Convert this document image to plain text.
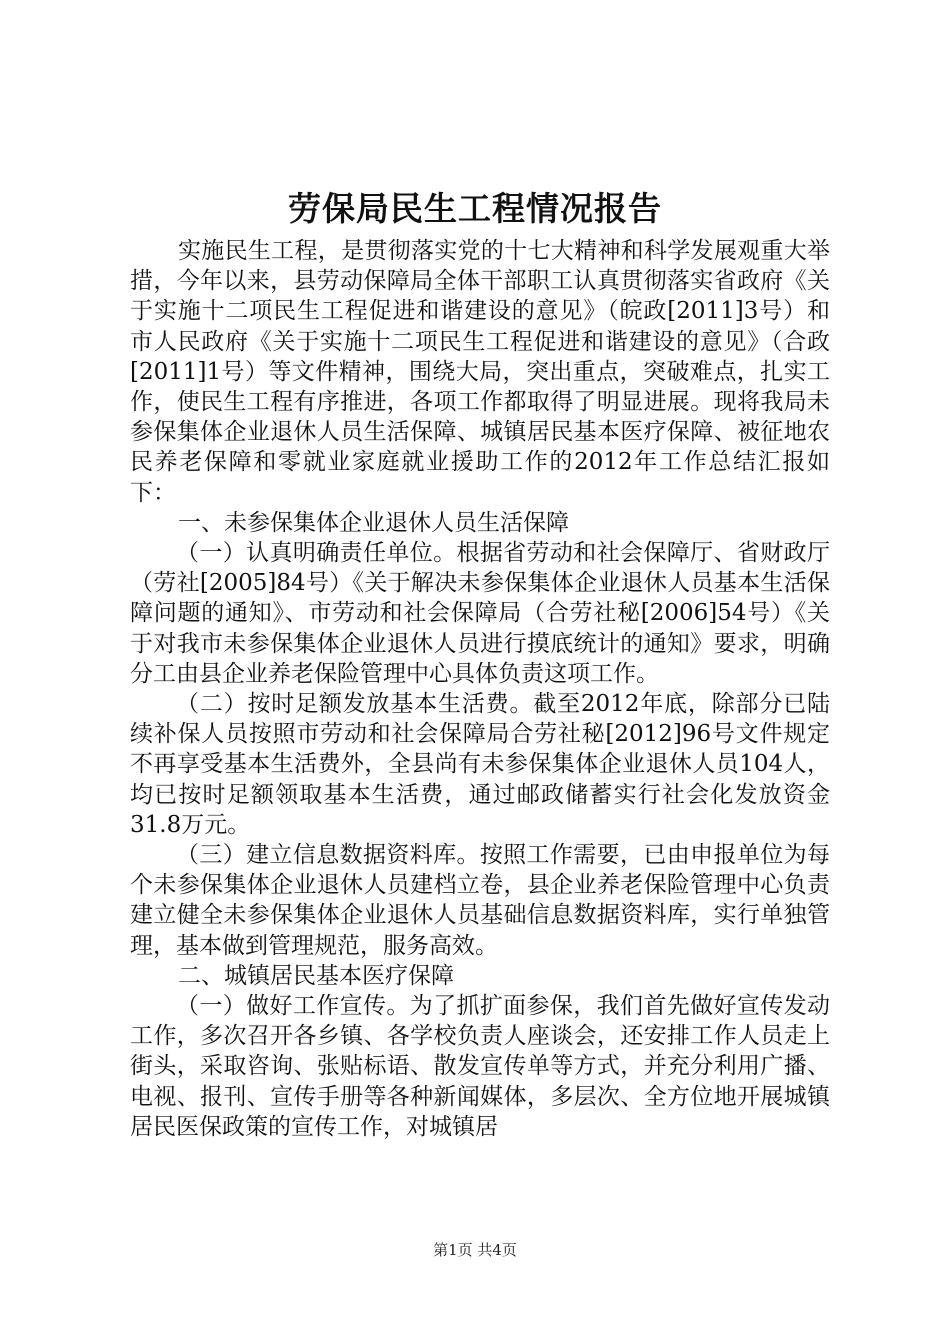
劳保局民生工程情况报告

实施民生工程，是贯彻落实党的十七大精神和科学发展观重大举措，今年以来，县劳动保障局全体干部职工认真贯彻落实省政府《关于实施十二项民生工程促进和谐建设的意见》（皖政[2011]3号）和市人民政府《关于实施十二项民生工程促进和谐建设的意见》（合政[2011]1号）等文件精神，围绕大局，突出重点，突破难点，扎实工作，使民生工程有序推进，各项工作都取得了明显进展。现将我局未参保集体企业退休人员生活保障、城镇居民基本医疗保障、被征地农民养老保障和零就业家庭就业援助工作的2012年工作总结汇报如下：

一、未参保集体企业退休人员生活保障

（一）认真明确责任单位。根据省劳动和社会保障厅、省财政厅（劳社[2005]84号）《关于解决未参保集体企业退休人员基本生活保障问题的通知》、市劳动和社会保障局（合劳社秘[2006]54号）《关于对我市未参保集体企业退休人员进行摸底统计的通知》要求，明确分工由县企业养老保险管理中心具体负责这项工作。

（二）按时足额发放基本生活费。截至2012年底，除部分已陆续补保人员按照市劳动和社会保障局合劳社秘[2012]96号文件规定不再享受基本生活费外，全县尚有未参保集体企业退休人员104人，均已按时足额领取基本生活费，通过邮政储蓄实行社会化发放资金31.8万元。

（三）建立信息数据资料库。按照工作需要，已由申报单位为每个未参保集体企业退休人员建档立卷，县企业养老保险管理中心负责建立健全未参保集体企业退休人员基础信息数据资料库，实行单独管理，基本做到管理规范，服务高效。

二、城镇居民基本医疗保障

（一）做好工作宣传。为了抓扩面参保，我们首先做好宣传发动工作，多次召开各乡镇、各学校负责人座谈会，还安排工作人员走上街头，采取咨询、张贴标语、散发宣传单等方式，并充分利用广播、电视、报刊、宣传手册等各种新闻媒体，多层次、全方位地开展城镇居民医保政策的宣传工作，对城镇居

第1页 共4页
